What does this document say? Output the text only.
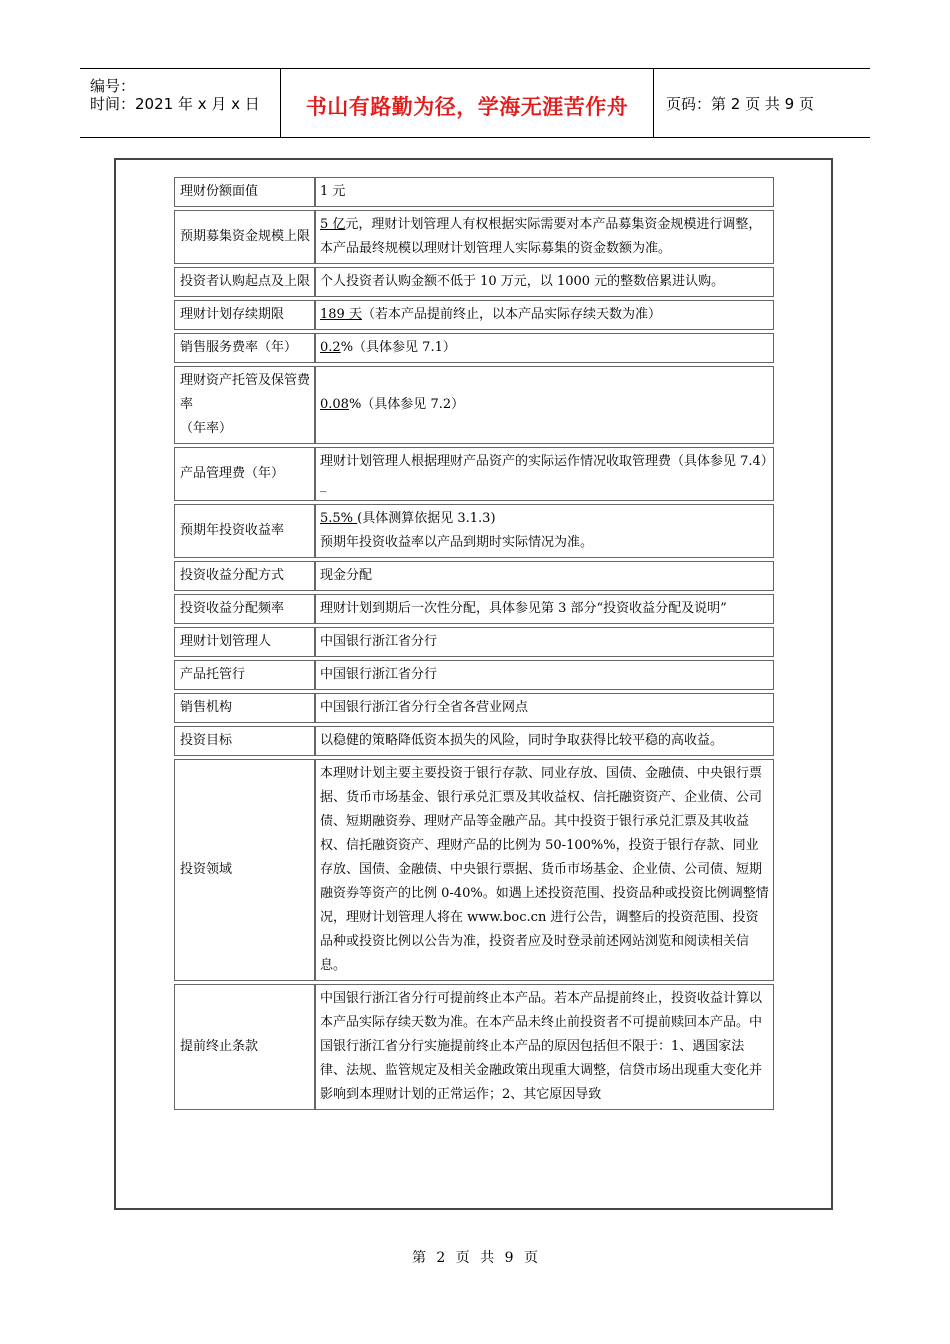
编号：
时间：2021 年 x 月 x 日	书山有路勤为径，学海无涯苦作舟	页码：第 2 页 共 9 页
理财份额面值	1 元
预期募集资金规模上限	5 亿元，理财计划管理人有权根据实际需要对本产品募集资金规模进行调整，本产品最终规模以理财计划管理人实际募集的资金数额为准。
投资者认购起点及上限	个人投资者认购金额不低于 10 万元，以 1000 元的整数倍累进认购。
理财计划存续期限	189 天（若本产品提前终止，以本产品实际存续天数为准）
销售服务费率（年）	0.2%（具体参见 7.1）
理财资产托管及保管费率
（年率）	0.08%（具体参见 7.2）
产品管理费（年）	理财计划管理人根据理财产品资产的实际运作情况收取管理费（具体参见 7.4）_
预期年投资收益率	5.5% (具体测算依据见 3.1.3)
预期年投资收益率以产品到期时实际情况为准。
投资收益分配方式	现金分配
投资收益分配频率	理财计划到期后一次性分配，具体参见第 3 部分“投资收益分配及说明”
理财计划管理人	中国银行浙江省分行
产品托管行	中国银行浙江省分行
销售机构	中国银行浙江省分行全省各营业网点
投资目标	以稳健的策略降低资本损失的风险，同时争取获得比较平稳的高收益。
投资领域	本理财计划主要主要投资于银行存款、同业存放、国债、金融债、中央银行票据、货币市场基金、银行承兑汇票及其收益权、信托融资资产、企业债、公司债、短期融资券、理财产品等金融产品。其中投资于银行承兑汇票及其收益权、信托融资资产、理财产品的比例为 50-100%%，投资于银行存款、同业存放、国债、金融债、中央银行票据、货币市场基金、企业债、公司债、短期融资券等资产的比例 0-40%。如遇上述投资范围、投资品种或投资比例调整情况，理财计划管理人将在 www.boc.cn 进行公告，调整后的投资范围、投资品种或投资比例以公告为准，投资者应及时登录前述网站浏览和阅读相关信息。
提前终止条款	中国银行浙江省分行可提前终止本产品。若本产品提前终止，投资收益计算以本产品实际存续天数为准。在本产品未终止前投资者不可提前赎回本产品。中国银行浙江省分行实施提前终止本产品的原因包括但不限于：1、遇国家法律、法规、监管规定及相关金融政策出现重大调整，信贷市场出现重大变化并影响到本理财计划的正常运作；2、其它原因导致
第 2 页 共 9 页
